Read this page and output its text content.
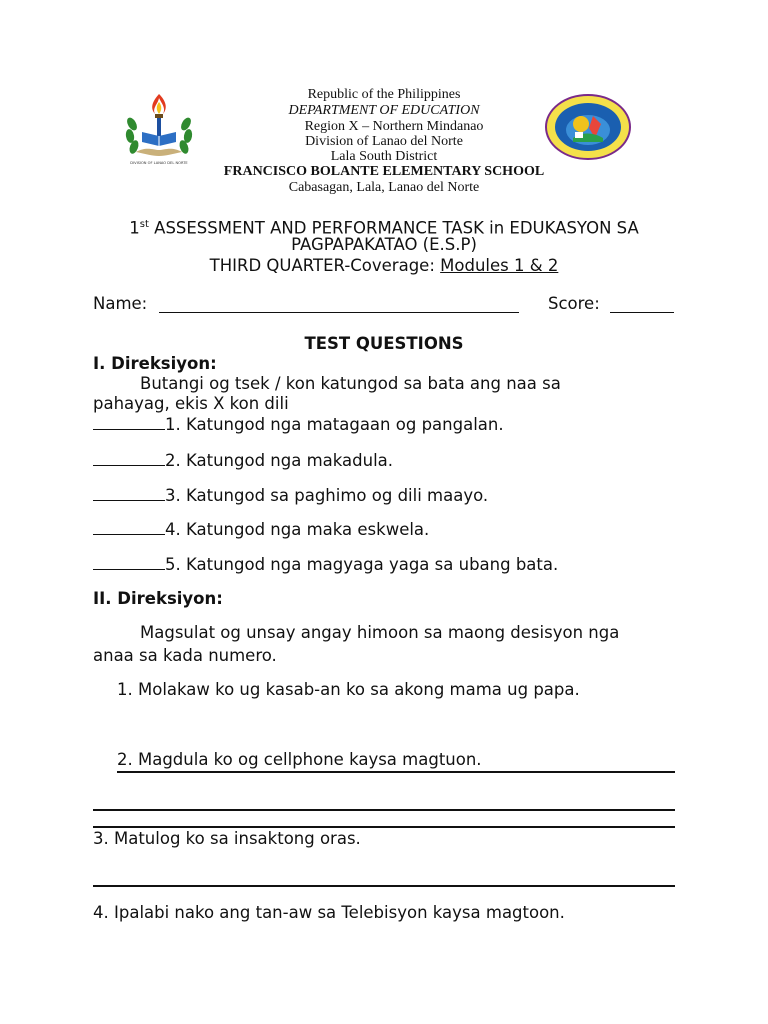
DIVISION OF LANAO DEL NORTE
Republic of the Philippines
DEPARTMENT OF EDUCATION
Region X – Northern Mindanao
Division of Lanao del Norte
Lala South District
FRANCISCO BOLANTE ELEMENTARY SCHOOL
Cabasagan, Lala, Lanao del Norte
1st ASSESSMENT AND PERFORMANCE TASK in EDUKASYON SA
PAGPAPAKATAO (E.S.P)
THIRD QUARTER-Coverage: Modules 1 & 2
Name:	Score:
TEST QUESTIONS
I. Direksiyon:
Butangi og tsek / kon katungod sa bata ang naa sa
pahayag, ekis X kon dili
1. Katungod nga matagaan og pangalan.
2. Katungod nga makadula.
3. Katungod sa paghimo og dili maayo.
4. Katungod nga maka eskwela.
5. Katungod nga magyaga yaga sa ubang bata.
II. Direksiyon:
Magsulat og unsay angay himoon sa maong desisyon nga
anaa sa kada numero.
1. Molakaw ko ug kasab-an ko sa akong mama ug papa.
2. Magdula ko og cellphone kaysa magtuon.
3. Matulog ko sa insaktong oras.
4. Ipalabi nako ang tan-aw sa Telebisyon kaysa magtoon.
